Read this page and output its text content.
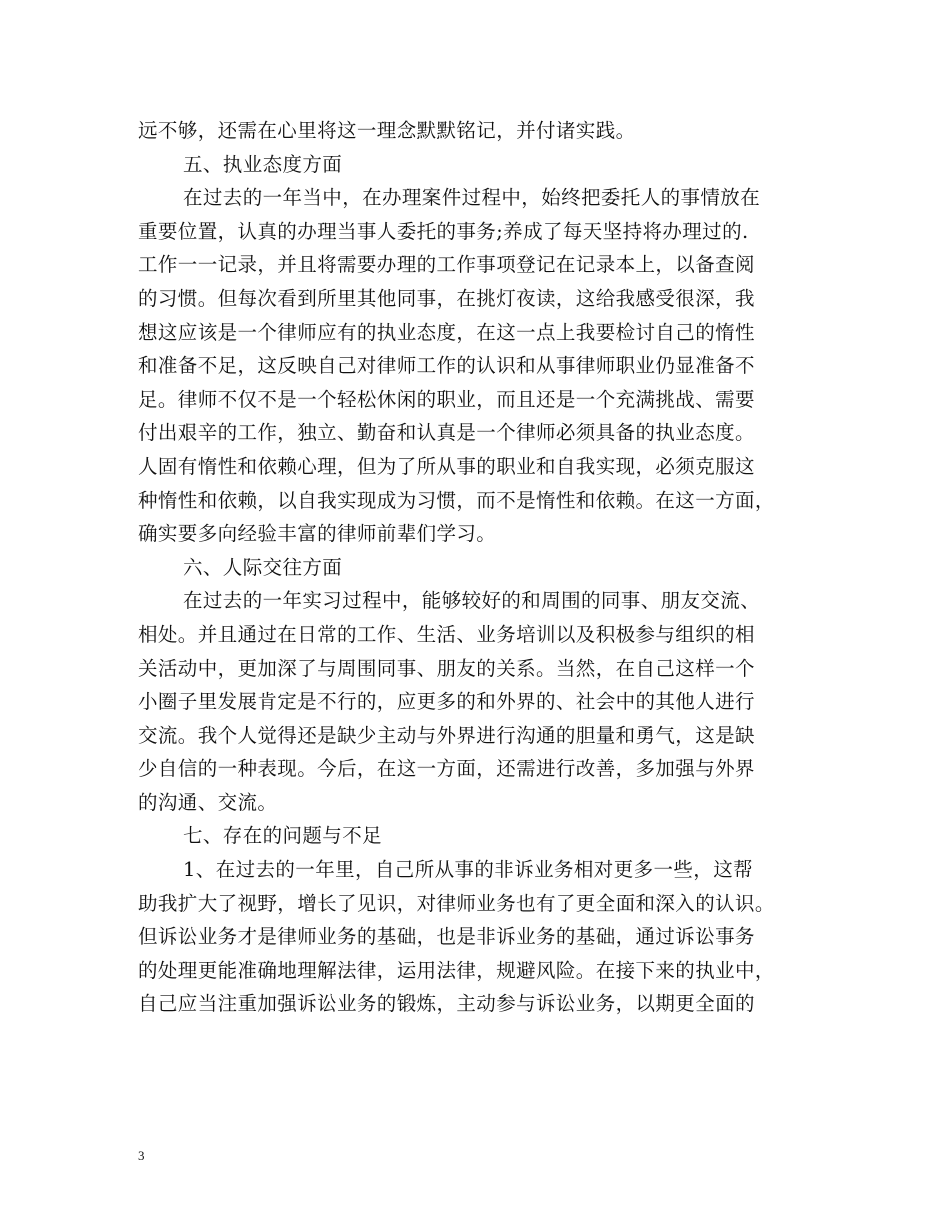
远不够，还需在心里将这一理念默默铭记，并付诸实践。
五、执业态度方面
在过去的一年当中，在办理案件过程中，始终把委托人的事情放在
重要位置，认真的办理当事人委托的事务;养成了每天坚持将办理过的.
工作一一记录，并且将需要办理的工作事项登记在记录本上，以备查阅
的习惯。但每次看到所里其他同事，在挑灯夜读，这给我感受很深，我
想这应该是一个律师应有的执业态度，在这一点上我要检讨自己的惰性
和准备不足，这反映自己对律师工作的认识和从事律师职业仍显准备不
足。律师不仅不是一个轻松休闲的职业，而且还是一个充满挑战、需要
付出艰辛的工作，独立、勤奋和认真是一个律师必须具备的执业态度。
人固有惰性和依赖心理，但为了所从事的职业和自我实现，必须克服这
种惰性和依赖，以自我实现成为习惯，而不是惰性和依赖。在这一方面，
确实要多向经验丰富的律师前辈们学习。
六、人际交往方面
在过去的一年实习过程中，能够较好的和周围的同事、朋友交流、
相处。并且通过在日常的工作、生活、业务培训以及积极参与组织的相
关活动中，更加深了与周围同事、朋友的关系。当然，在自己这样一个
小圈子里发展肯定是不行的，应更多的和外界的、社会中的其他人进行
交流。我个人觉得还是缺少主动与外界进行沟通的胆量和勇气，这是缺
少自信的一种表现。今后，在这一方面，还需进行改善，多加强与外界
的沟通、交流。
七、存在的问题与不足
1、在过去的一年里，自己所从事的非诉业务相对更多一些，这帮
助我扩大了视野，增长了见识，对律师业务也有了更全面和深入的认识。
但诉讼业务才是律师业务的基础，也是非诉业务的基础，通过诉讼事务
的处理更能准确地理解法律，运用法律，规避风险。在接下来的执业中，
自己应当注重加强诉讼业务的锻炼，主动参与诉讼业务，以期更全面的
3
